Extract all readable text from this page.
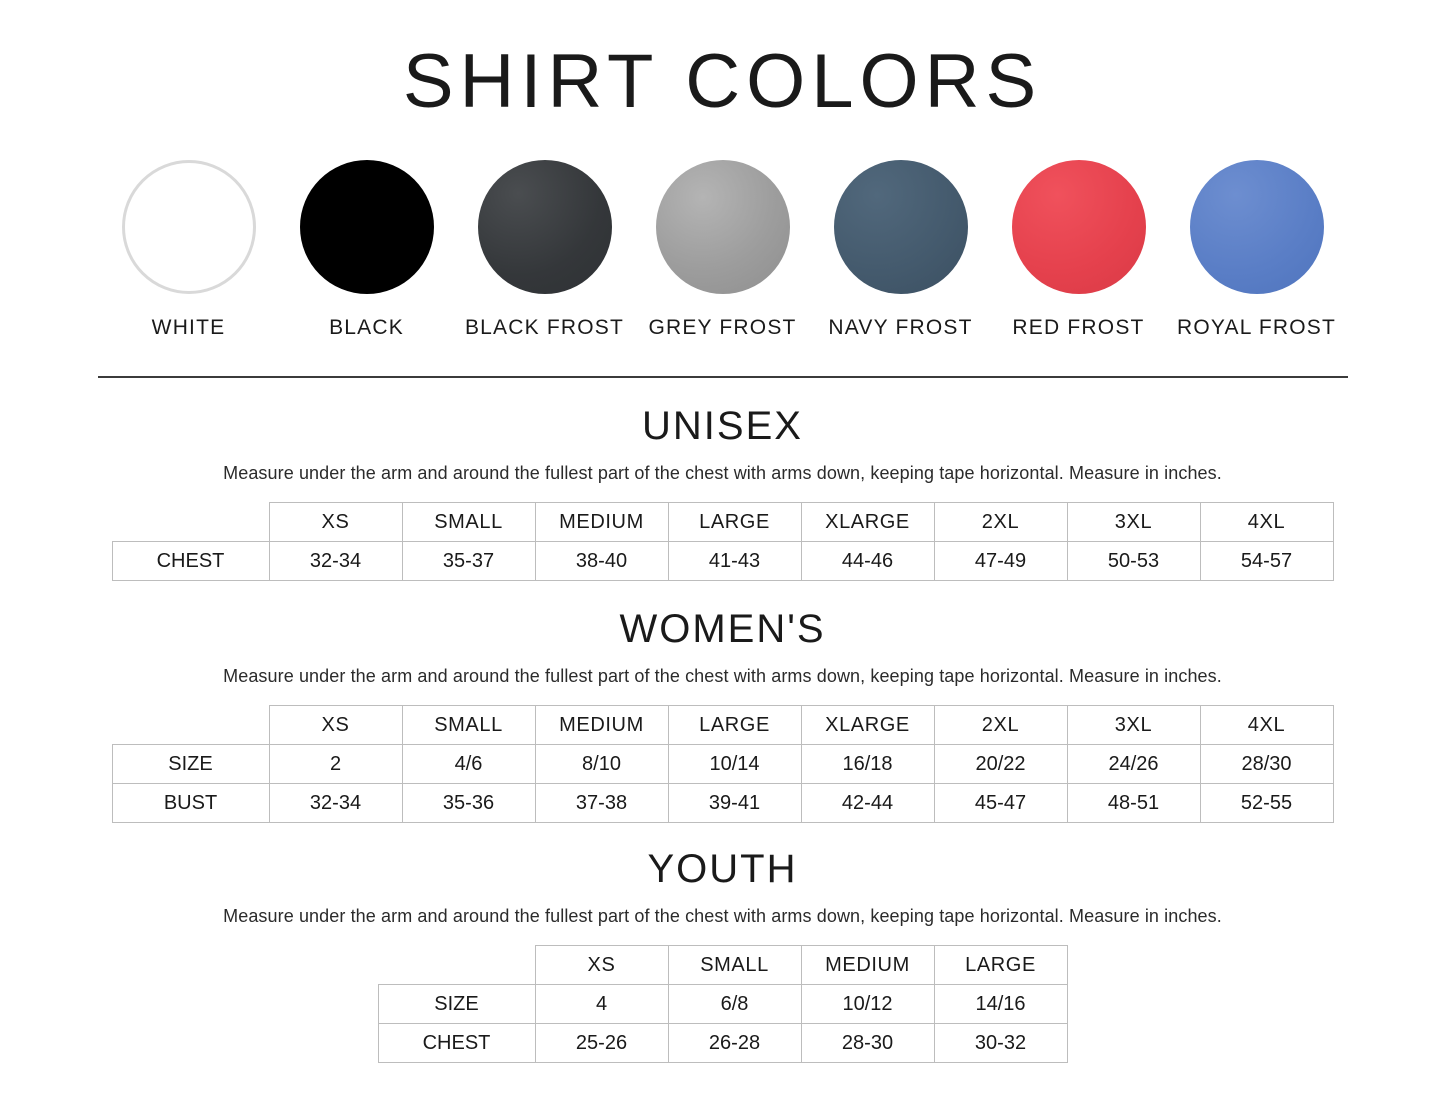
SHIRT COLORS
WHITE	BLACK	BLACK FROST GREY FROST NAVY FROST RED FROST ROYAL FROST
UNISEX

Measure under the arm and around the fullest part of the chest with arms down, keeping tape horizontal. Measure in inches.

	XS	SMALL	MEDIUM	LARGE	XLARGE	2XL	3XL	4XL
CHEST	32-34	35-37	38-40	41-43	44-46	47-49	50-53	54-57
WOMEN'S

Measure under the arm and around the fullest part of the chest with arms down, keeping tape horizontal. Measure in inches.

	XS	SMALL	MEDIUM	LARGE	XLARGE	2XL	3XL	4XL
SIZE	2	4/6	8/10	10/14	16/18	20/22	24/26	28/30
BUST	32-34	35-36	37-38	39-41	42-44	45-47	48-51	52-55
YOUTH

Measure under the arm and around the fullest part of the chest with arms down, keeping tape horizontal. Measure in inches.

	XS	SMALL	MEDIUM	LARGE
SIZE	4	6/8	10/12	14/16
CHEST	25-26	26-28	28-30	30-32
